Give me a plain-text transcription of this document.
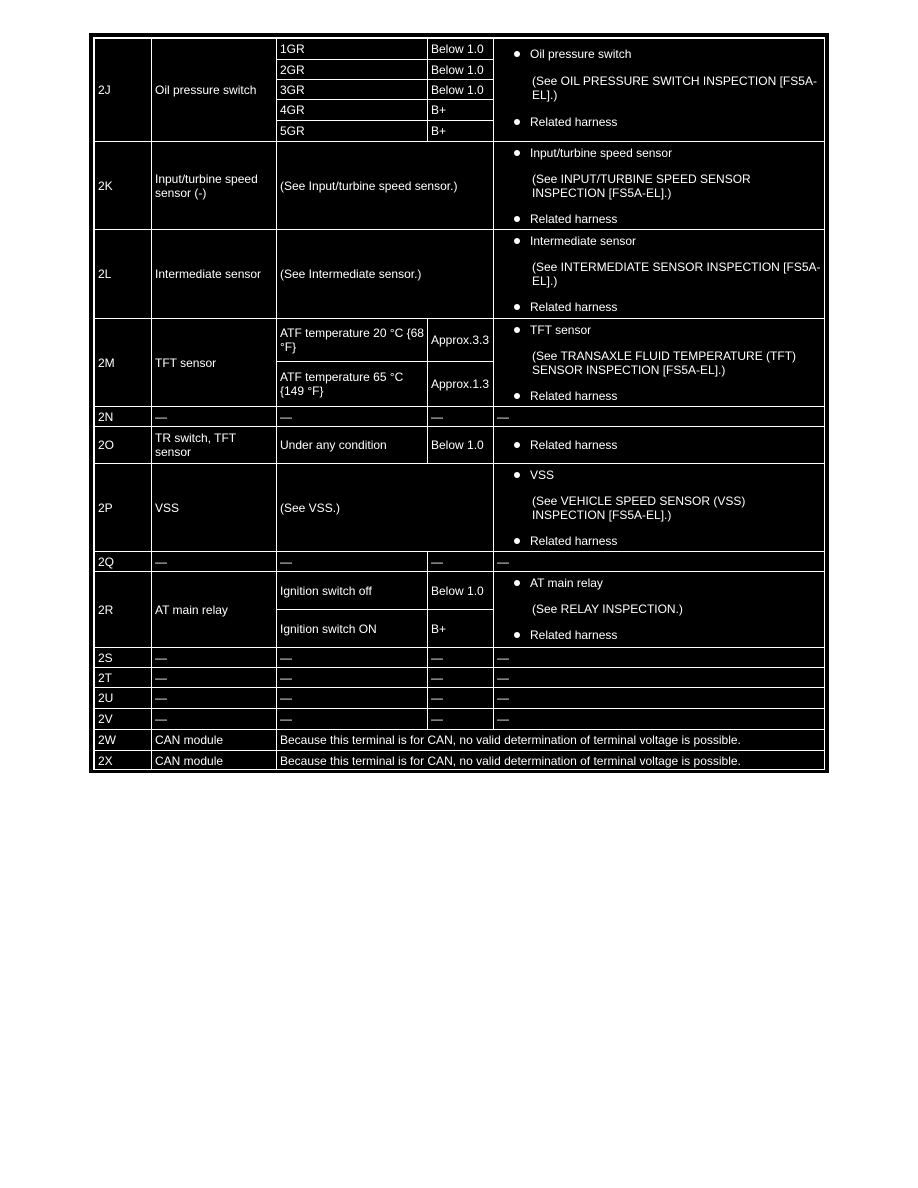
2J	Oil pressure switch	1GR	Below 1.0	Oil pressure switch
(See OIL PRESSURE SWITCH INSPECTION [FS5A-EL].)
Related harness

		2GR	Below 1.0	
		3GR	Below 1.0	
		4GR	B+	
		5GR	B+	
2K	Input/turbine speed sensor (-)	(See Input/turbine speed sensor.)		Input/turbine speed sensor
(See INPUT/TURBINE SPEED SENSOR INSPECTION [FS5A-EL].)
Related harness

2L	Intermediate sensor	(See Intermediate sensor.)		Intermediate sensor
(See INTERMEDIATE SENSOR INSPECTION [FS5A-EL].)
Related harness

2M	TFT sensor	ATF temperature 20 °C {68 °F}	Approx.3.3	TFT sensor
(See TRANSAXLE FLUID TEMPERATURE (TFT) SENSOR INSPECTION [FS5A-EL].)
Related harness

		ATF temperature 65 °C {149 °F}	Approx.1.3	
2N	—	—	—	—
2O	TR switch, TFT sensor	Under any condition	Below 1.0	Related harness

2P	VSS	(See VSS.)		VSS
(See VEHICLE SPEED SENSOR (VSS) INSPECTION [FS5A-EL].)
Related harness

2Q	—	—	—	—
2R	AT main relay	Ignition switch off	Below 1.0	AT main relay
(See RELAY INSPECTION.)
Related harness

		Ignition switch ON	B+	
2S	—	—	—	—
2T	—	—	—	—
2U	—	—	—	—
2V	—	—	—	—
2W	CAN module	Because this terminal is for CAN, no valid determination of terminal voltage is possible.		
2X	CAN module	Because this terminal is for CAN, no valid determination of terminal voltage is possible.		
